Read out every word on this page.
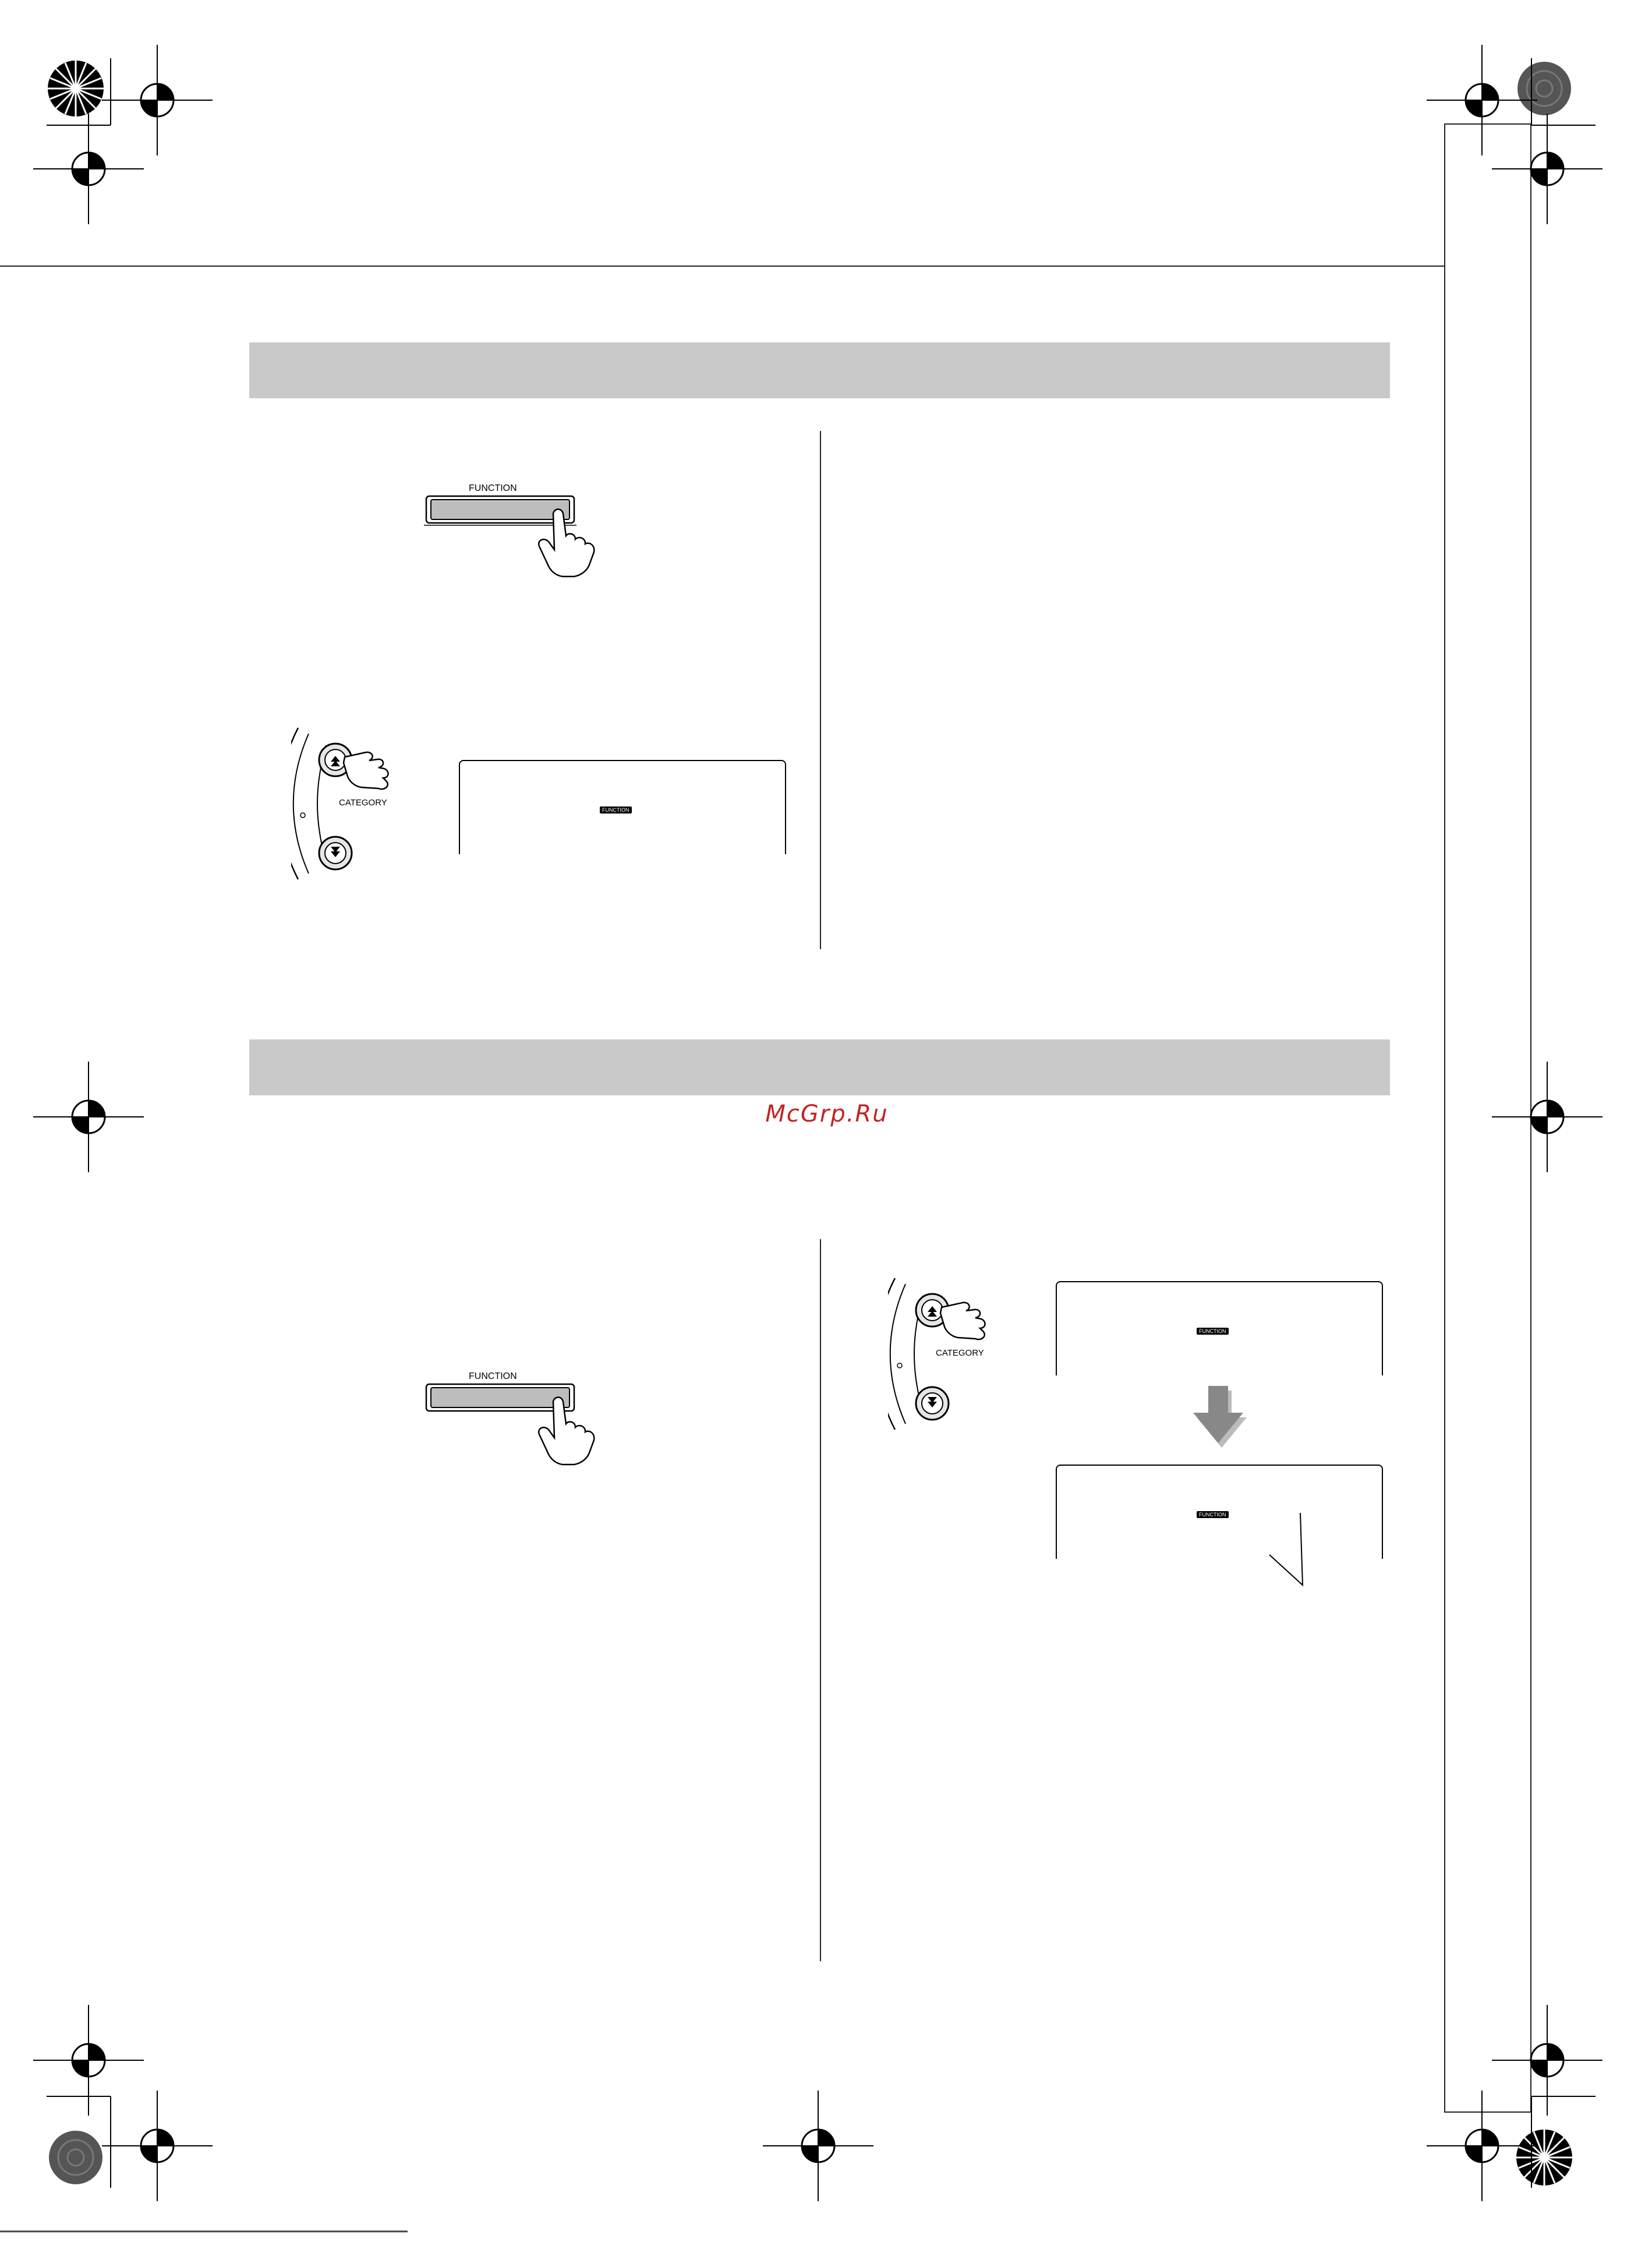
McGrp.Ru
FUNCTION
CATEGORY
FUNCTION
FUNCTION
CATEGORY
FUNCTION
FUNCTION
